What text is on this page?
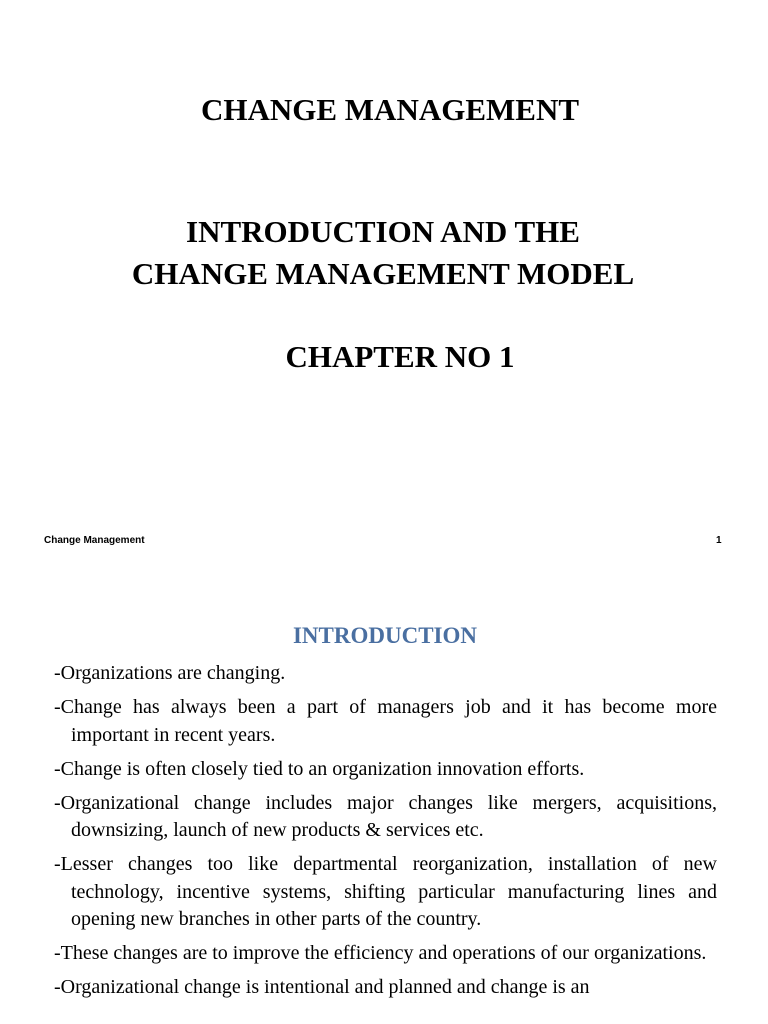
CHANGE MANAGEMENT
INTRODUCTION AND THE
CHANGE MANAGEMENT MODEL
CHAPTER NO 1
Change Management	1
INTRODUCTION
-Organizations are changing.
-Change has always been a part of managers job and it has become more important in recent years.
-Change is often closely tied to an organization innovation efforts.
-Organizational change includes major changes like mergers, acquisitions, downsizing, launch of new products & services etc.
-Lesser changes too like departmental reorganization, installation of new technology, incentive systems, shifting particular manufacturing lines and opening new branches in other parts of the country.
-These changes are to improve the efficiency and operations of our organizations.
-Organizational change is intentional and planned and change is an
